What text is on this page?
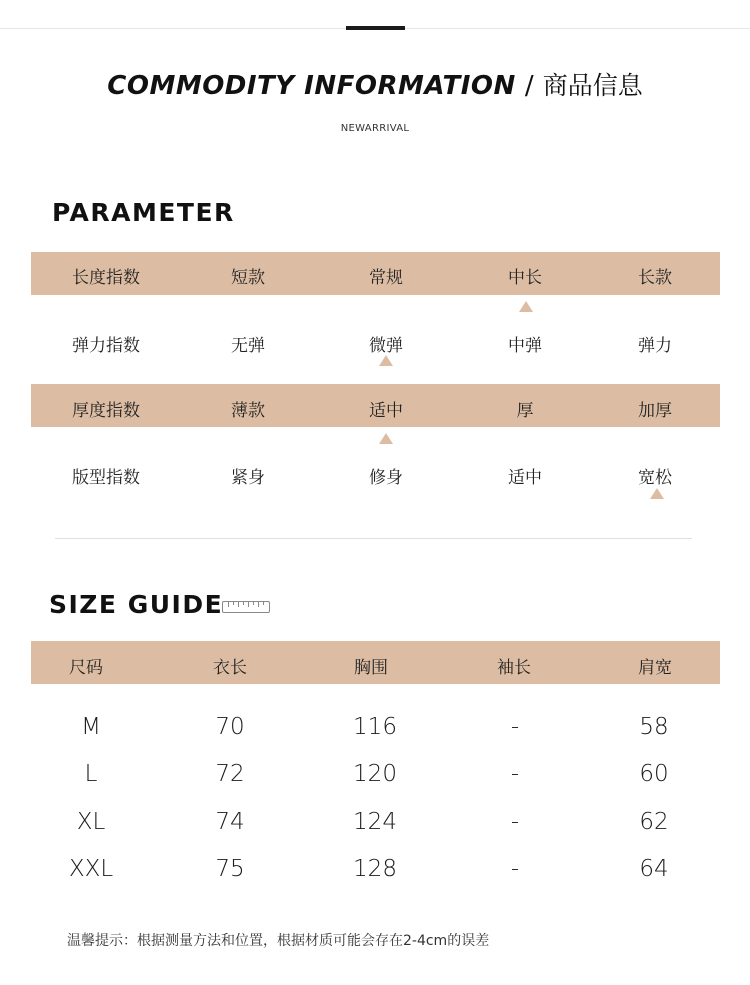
COMMODITY INFORMATION / 商品信息
NEWARRIVAL
PARAMETER
长度指数	短款	常规	中长	长款
弹力指数	无弹	微弹	中弹	弹力
厚度指数	薄款	适中	厚	加厚
版型指数	紧身	修身	适中	宽松
SIZE GUIDE
尺码	衣长	胸围	袖长	肩宽
M	70	116	-	58
L	72	120	-	60
XL	74	124	-	62
XXL	75	128	-	64
温馨提示：根据测量方法和位置，根据材质可能会存在2-4cm的误差
